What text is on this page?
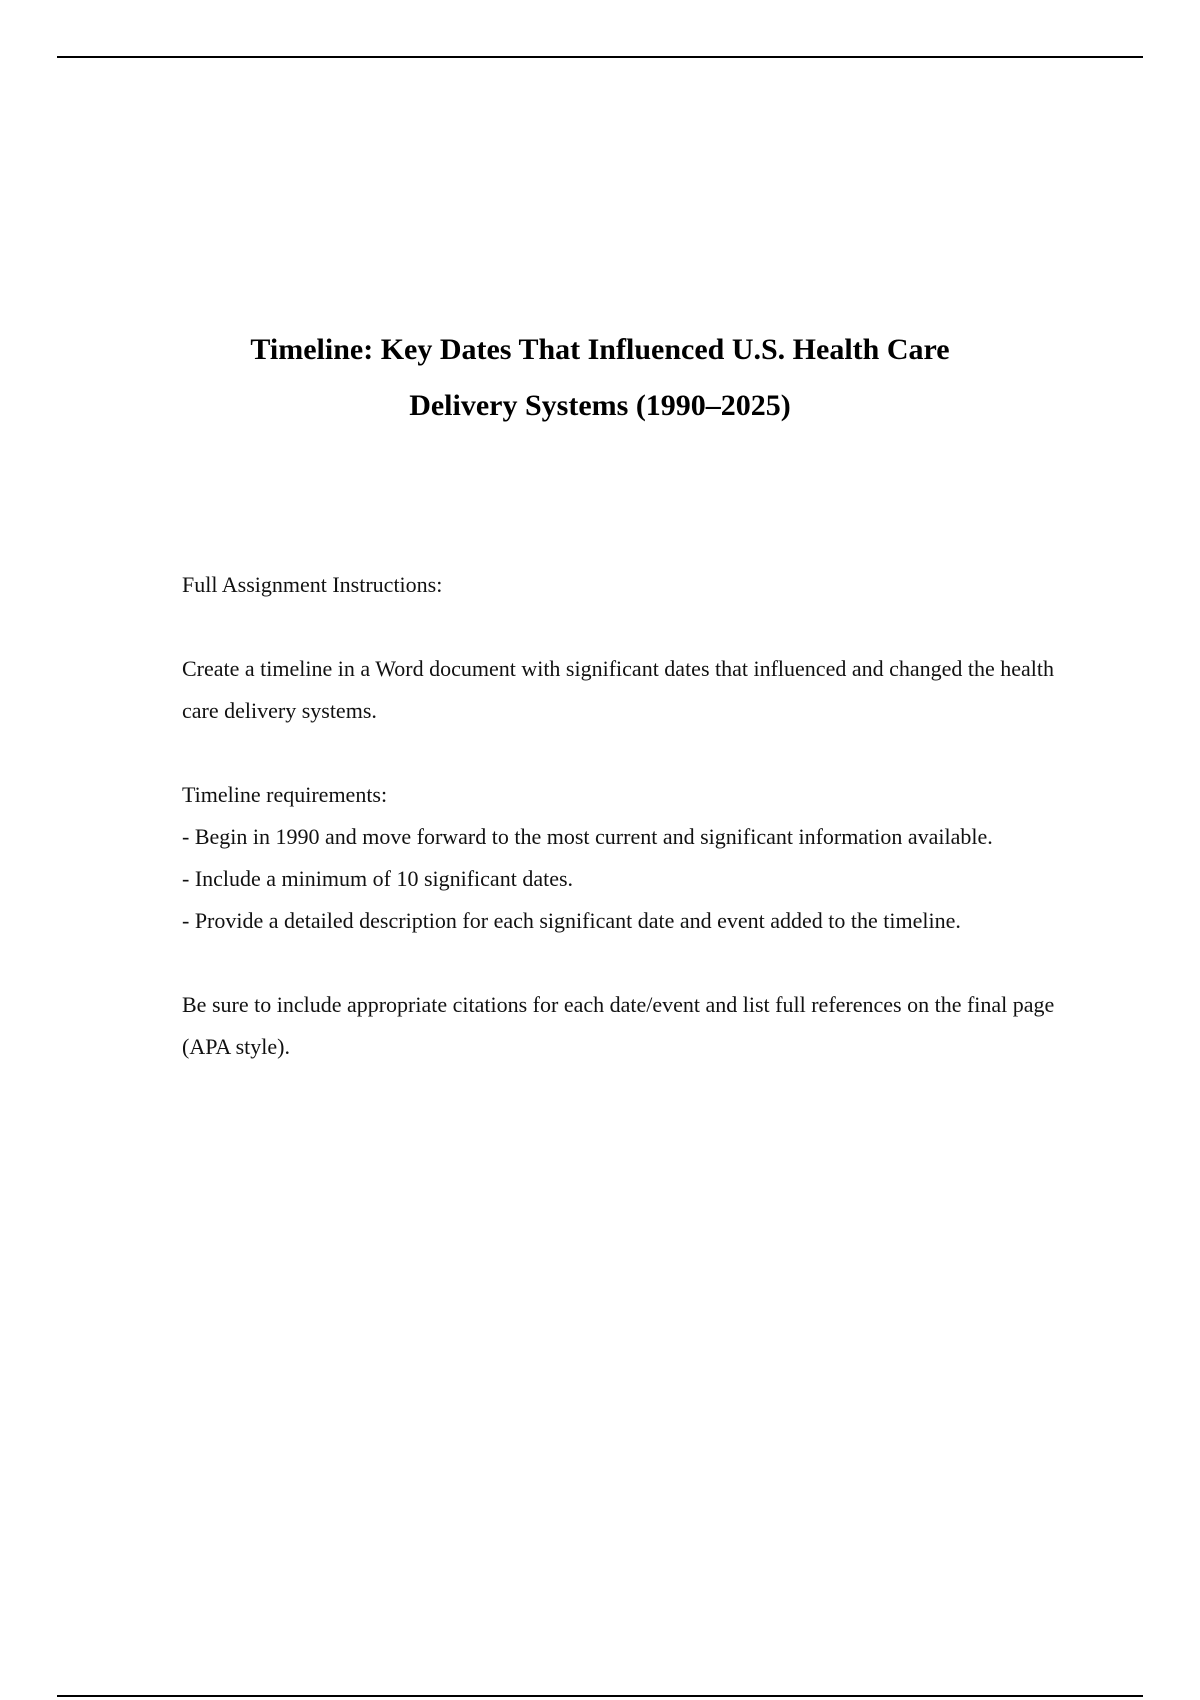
Timeline: Key Dates That Influenced U.S. Health Care

Delivery Systems (1990–2025)

Full Assignment Instructions:

Create a timeline in a Word document with significant dates that influenced and changed the health care delivery systems.

Timeline requirements:

- Begin in 1990 and move forward to the most current and significant information available.
- Include a minimum of 10 significant dates.
- Provide a detailed description for each significant date and event added to the timeline.

Be sure to include appropriate citations for each date/event and list full references on the final page (APA style).
